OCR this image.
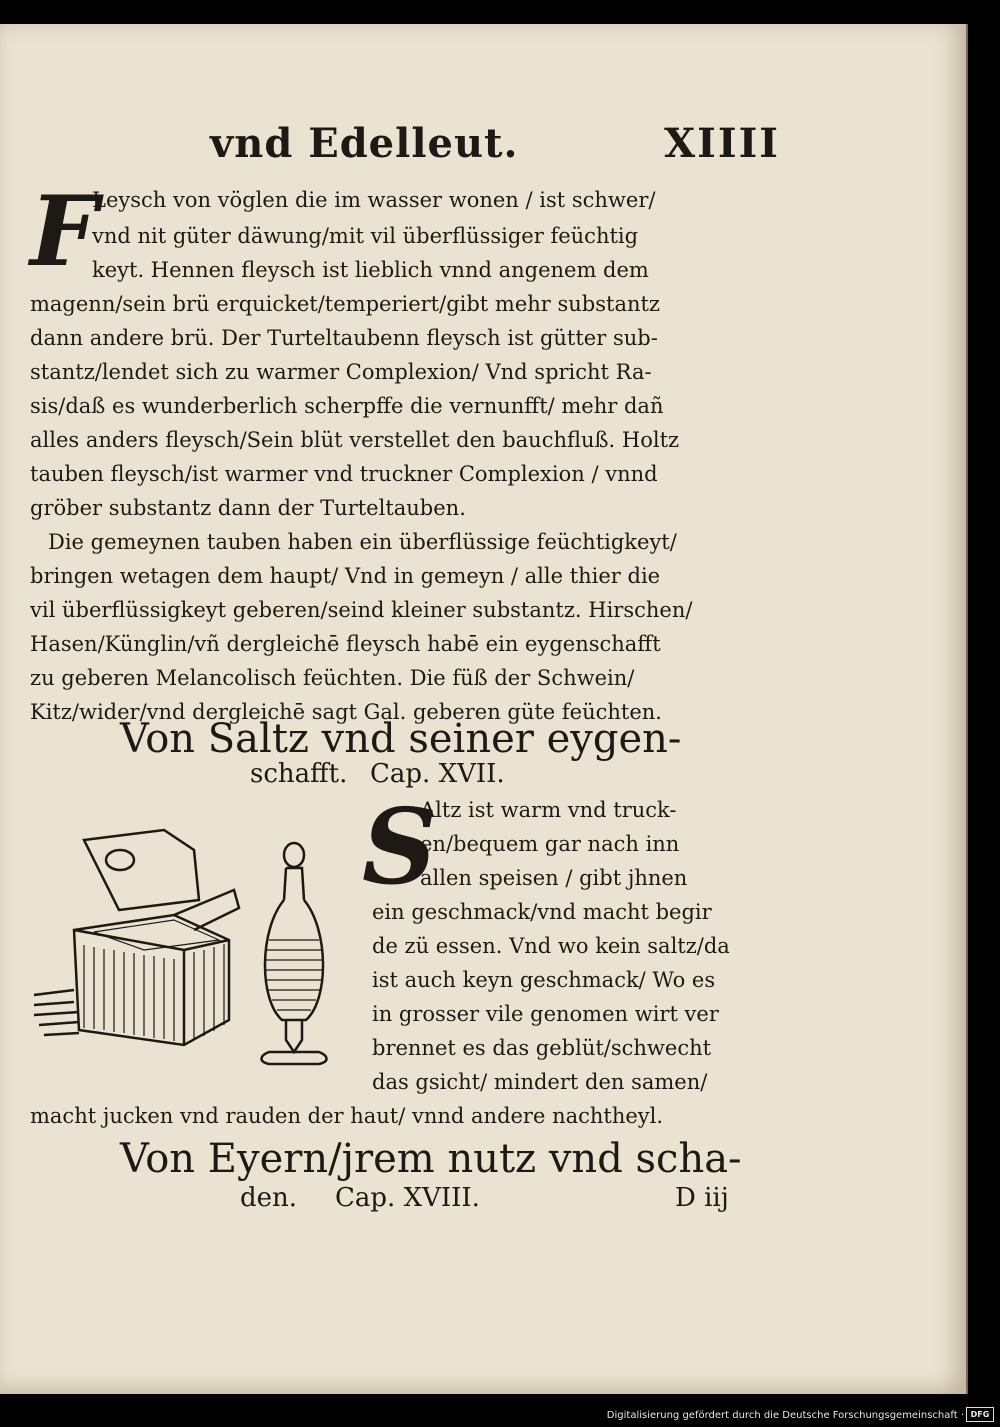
vnd Edelleut.	XIIII
F
Leysch von vöglen die im wasser wonen / ist schwer/
vnd nit güter däwung/mit vil überflüssiger feüchtig
keyt. Hennen fleysch ist lieblich vnnd angenem dem
magenn/sein brü erquicket/temperiert/gibt mehr substantz
dann andere brü. Der Turteltaubenn fleysch ist gütter sub-
stantz/lendet sich zu warmer Complexion/ Vnd spricht Ra-
sis/daß es wunderberlich scherpffe die vernunfft/ mehr dañ
alles anders fleysch/Sein blüt verstellet den bauchfluß. Holtz
tauben fleysch/ist warmer vnd truckner Complexion / vnnd
gröber substantz dann der Turteltauben.
Die gemeynen tauben haben ein überflüssige feüchtigkeyt/
bringen wetagen dem haupt/ Vnd in gemeyn / alle thier die
vil überflüssigkeyt geberen/seind kleiner substantz. Hirschen/
Hasen/Künglin/vñ dergleichē fleysch habē ein eygenschafft
zu geberen Melancolisch feüchten. Die füß der Schwein/
Kitz/wider/vnd dergleichē sagt Gal. geberen güte feüchten.
Von Saltz vnd seiner eygen-
schafft. Cap. XVII.
S
Altz ist warm vnd truck-
en/bequem gar nach inn
allen speisen / gibt jhnen
ein geschmack/vnd macht begir
de zü essen. Vnd wo kein saltz/da
ist auch keyn geschmack/ Wo es
in grosser vile genomen wirt ver
brennet es das geblüt/schwecht
das gsicht/ mindert den samen/
macht jucken vnd rauden der haut/ vnnd andere nachtheyl.
Von Eyern/jrem nutz vnd scha-
den. Cap. XVIII.	D iij
Digitalisierung gefördert durch die Deutsche Forschungsgemeinschaft · DFG
